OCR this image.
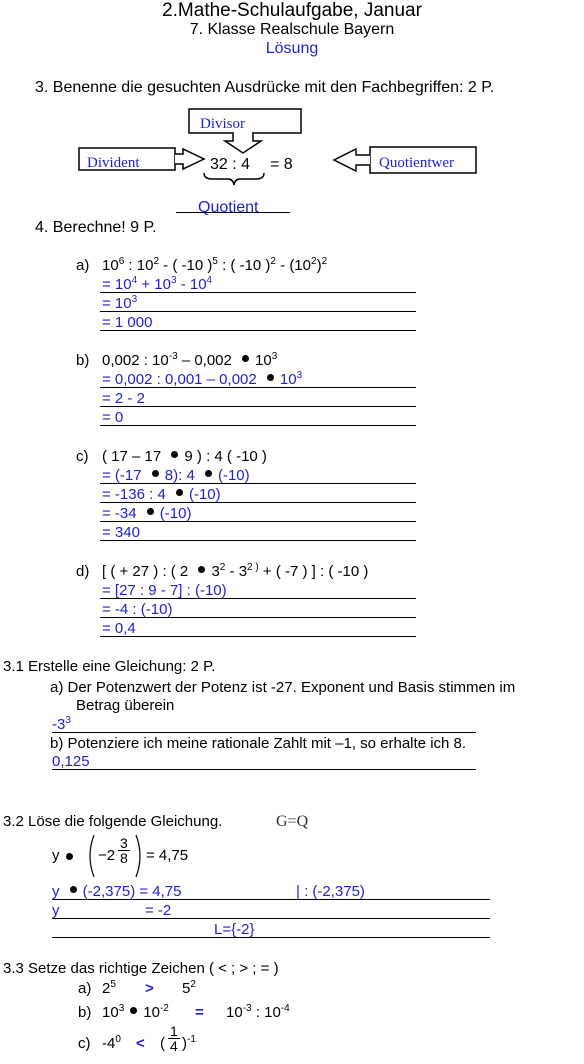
2.Mathe-Schulaufgabe, Januar
7. Klasse Realschule Bayern
Lösung
3. Benenne die gesuchten Ausdrücke mit den Fachbegriffen: 2 P.
Divisor
Divident	32 : 4 = 8	Quotientwer
4. Berechne! 9 P.
Quotient
a) $10^6$ : $10^2$ - ( -10 )$^5$ : ( -10 )$^2 - (10^2)^2$
= $10^4 + 10^3 - 10^4$
= $10^3$
= 1 000
b) 0,002 : $10^{-3} - 0,002$ $10^3$
= 0,002 : 0,001 – 0,002 $10^3$
= 2 - 2
= 0
c) ( 17 – 17 9 ) : 4 ( -10 )
= (-17 8): 4 (-10)
= -136 : 4 (-10)
= -34 (-10)
= 340
d) [ ( + 27 ) : ( 2 $3^2 - 3^{2 )}$ + ( -7 ) ] : ( -10 )
= [27 : 9 - 7] : (-10)
= -4 : (-10)
= 0,4
3.1 Erstelle eine Gleichung: 2 P.
a) Der Potenzwert der Potenz ist -27. Exponent und Basis stimmen im
Betrag überein
$-3^3$
b) Potenziere ich meine rationale Zahlt mit –1, so erhalte ich 8.
0,125
3.2 Löse die folgende Gleichung.	G=Q
y	$-2 \frac{3}{8} = 4,75$
y (-2,375) = 4,75	| : (-2,375)
y	= -2
L={-2}
3.3 Setze das richtige Zeichen ( < ; > ; = )
a) $2^5 > 5^2$
b) $10^3$ $10^{-2} = 10^{-3}$ : $10^{-4}$
c) $-4^0$ < ( $\frac{1}{4} )^{-1}$
